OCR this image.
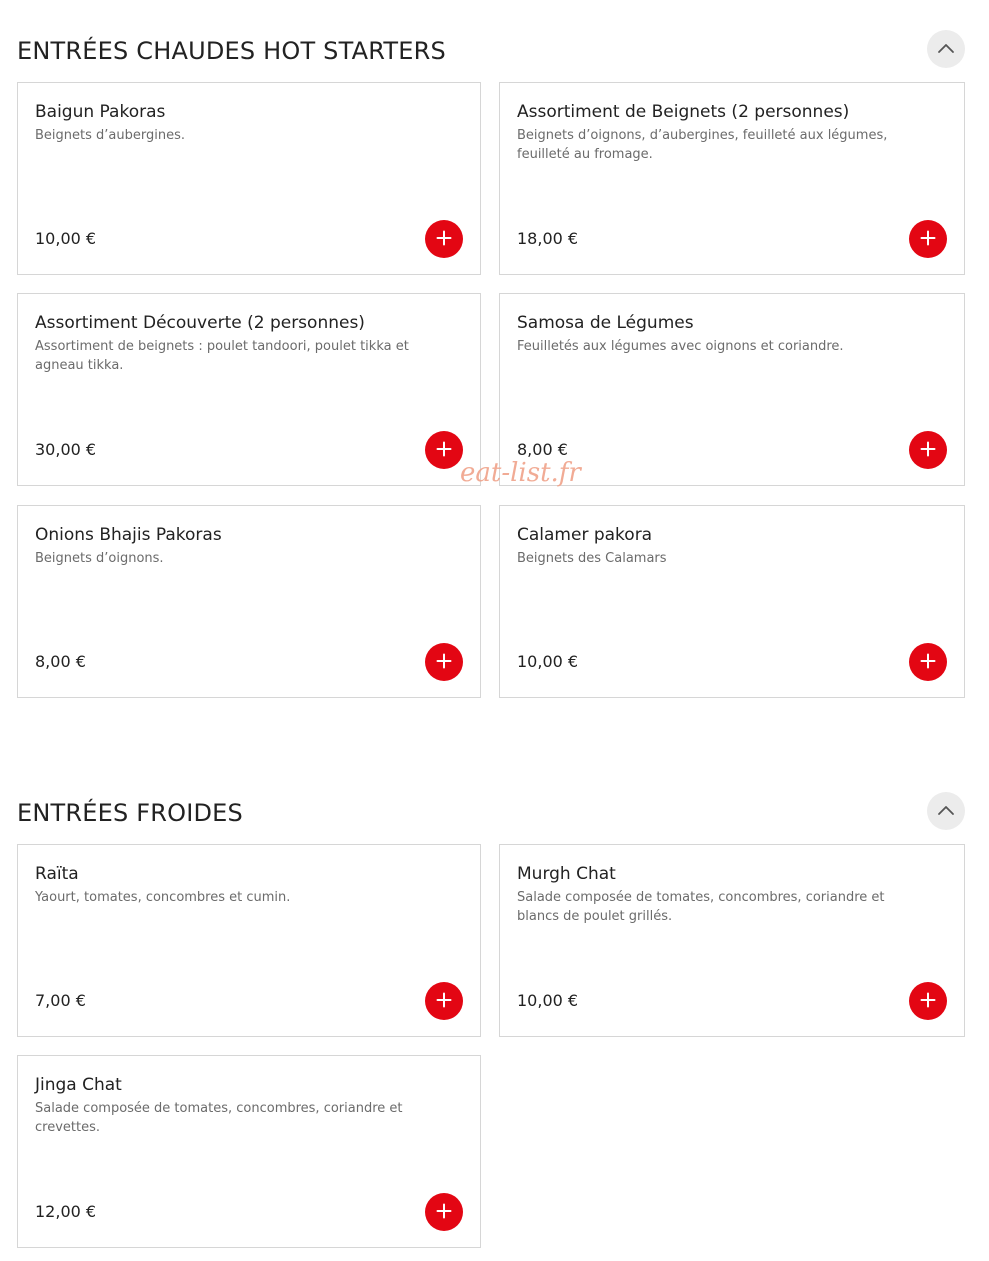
ENTRÉES CHAUDES HOT STARTERS
Baigun Pakoras
Beignets d’aubergines.
10,00 €
Assortiment de Beignets (2 personnes)
Beignets d’oignons, d’aubergines, feuilleté aux légumes, feuilleté au fromage.
18,00 €
Assortiment Découverte (2 personnes)
Assortiment de beignets : poulet tandoori, poulet tikka et agneau tikka.
30,00 €
Samosa de Légumes
Feuilletés aux légumes avec oignons et coriandre.
8,00 €
Onions Bhajis Pakoras
Beignets d’oignons.
8,00 €
Calamer pakora
Beignets des Calamars
10,00 €
ENTRÉES FROIDES
Raïta
Yaourt, tomates, concombres et cumin.
7,00 €
Murgh Chat
Salade composée de tomates, concombres, coriandre et blancs de poulet grillés.
10,00 €
Jinga Chat
Salade composée de tomates, concombres, coriandre et crevettes.
12,00 €
eat-list.fr
